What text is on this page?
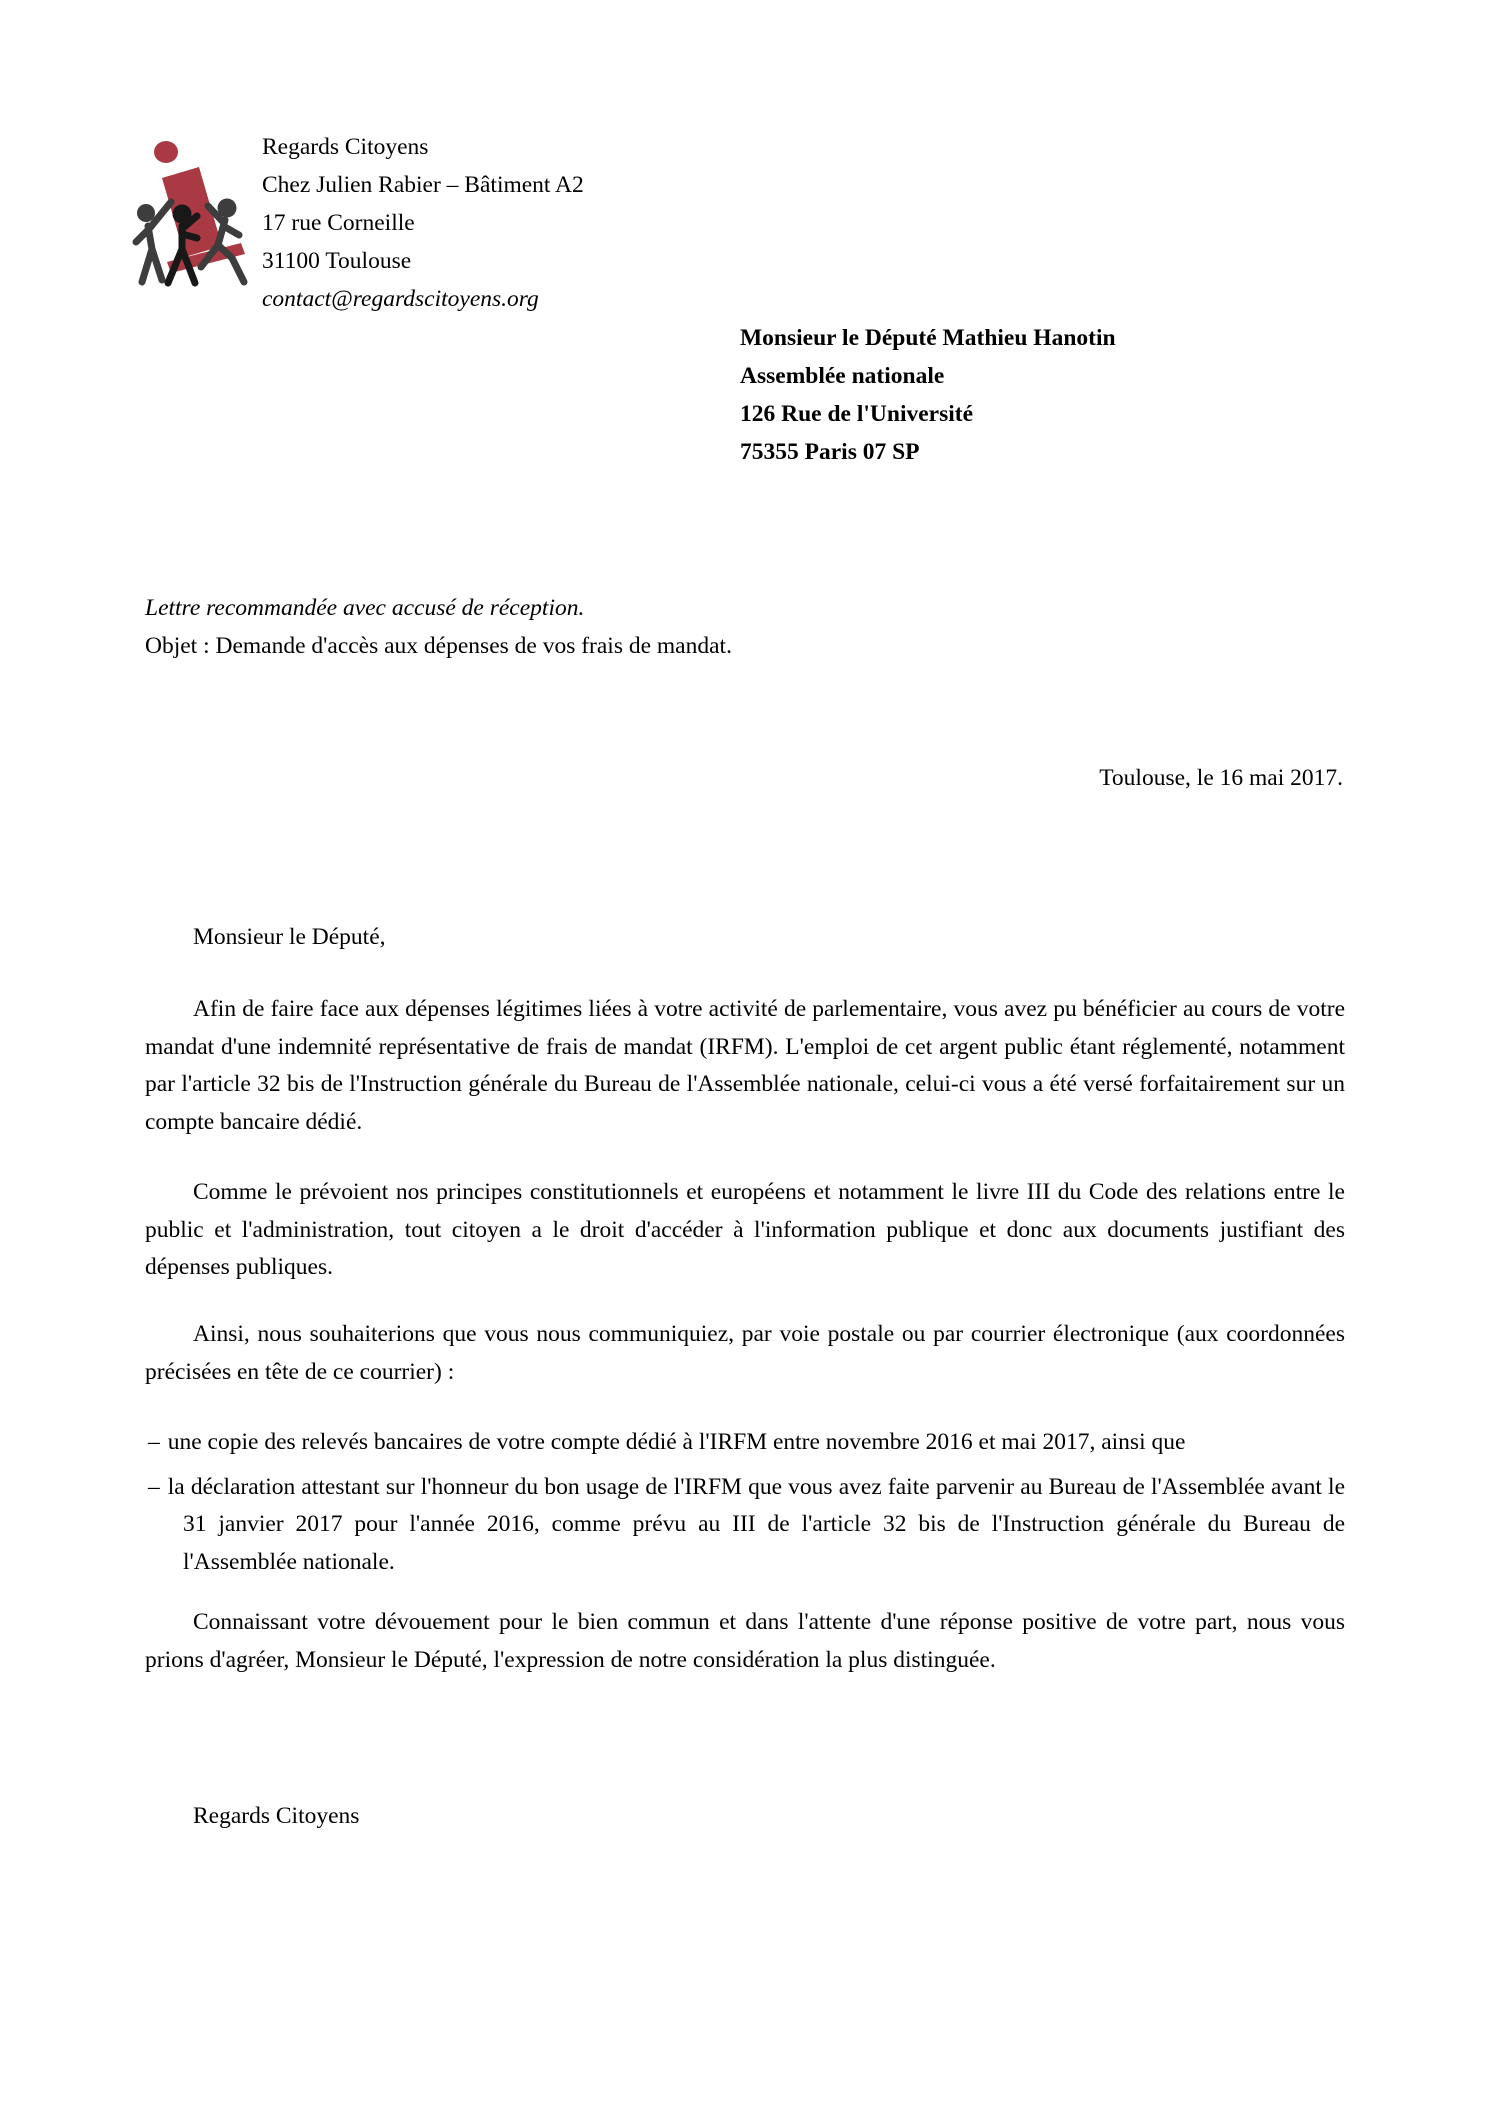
Regards Citoyens
Chez Julien Rabier – Bâtiment A2
17 rue Corneille
31100 Toulouse
contact@regardscitoyens.org
Monsieur le Député Mathieu Hanotin
Assemblée nationale
126 Rue de l'Université
75355 Paris 07 SP
Lettre recommandée avec accusé de réception.
Objet : Demande d'accès aux dépenses de vos frais de mandat.
Toulouse, le 16 mai 2017.
Monsieur le Député,

Afin de faire face aux dépenses légitimes liées à votre activité de parlementaire, vous avez pu bénéficier au cours de votre mandat d'une indemnité représentative de frais de mandat (IRFM). L'emploi de cet argent public étant réglementé, notamment par l'article 32 bis de l'Instruction générale du Bureau de l'Assemblée nationale, celui-ci vous a été versé forfaitairement sur un compte bancaire dédié.

Comme le prévoient nos principes constitutionnels et européens et notamment le livre III du Code des relations entre le public et l'administration, tout citoyen a le droit d'accéder à l'information publique et donc aux documents justifiant des dépenses publiques.

Ainsi, nous souhaiterions que vous nous communiquiez, par voie postale ou par courrier électronique (aux coordonnées précisées en tête de ce courrier) :

– une copie des relevés bancaires de votre compte dédié à l'IRFM entre novembre 2016 et mai 2017, ainsi que
– la déclaration attestant sur l'honneur du bon usage de l'IRFM que vous avez faite parvenir au Bureau de l'Assemblée avant le 31 janvier 2017 pour l'année 2016, comme prévu au III de l'article 32 bis de l'Instruction générale du Bureau de l'Assemblée nationale.

Connaissant votre dévouement pour le bien commun et dans l'attente d'une réponse positive de votre part, nous vous prions d'agréer, Monsieur le Député, l'expression de notre considération la plus distinguée.

Regards Citoyens
